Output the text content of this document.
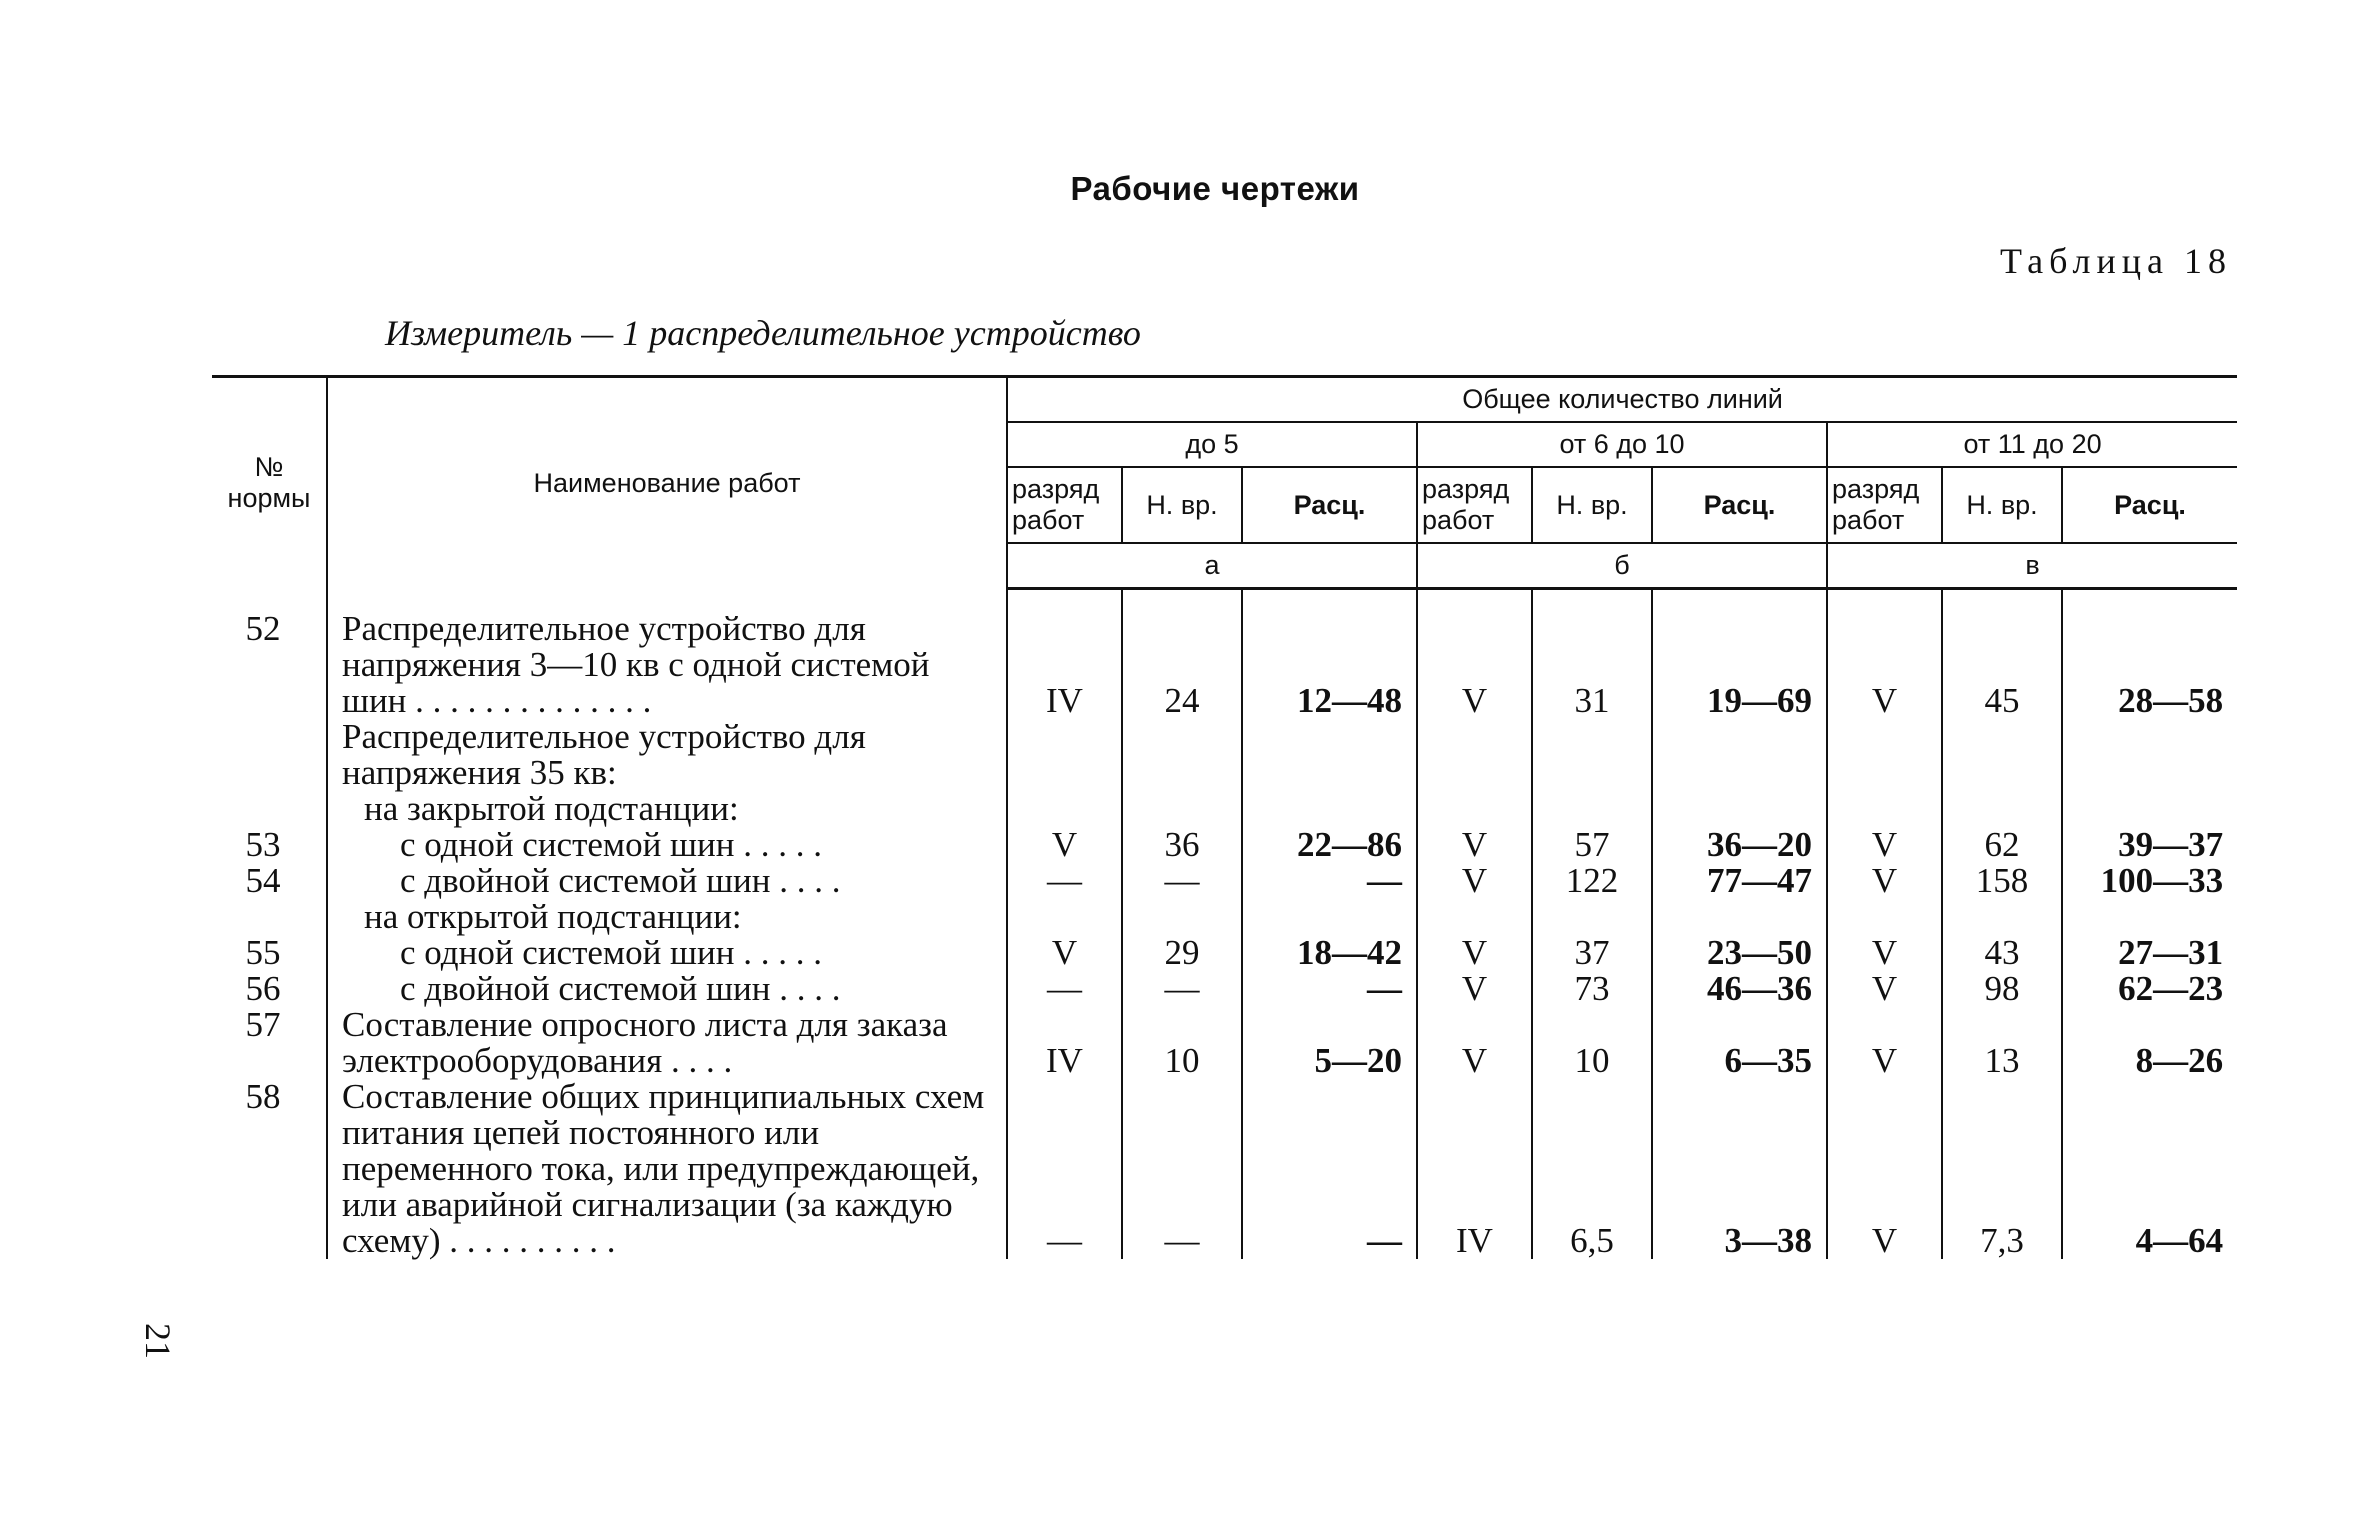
Рабочие чертежи
Таблица 18
Измеритель — 1 распределительное устройство
№ нормы	Наименование работ	Общее количество линий								
		до 5			от 6 до 10			от 11 до 20		
		разряд работ	Н. вр.	Расц.	разряд работ	Н. вр.	Расц.	разряд работ	Н. вр.	Расц.
		а			б			в		
52	Распределительное устройство для напряжения 3—10 кв с одной системой шин . . . . . . . . . . . . . .	IV	24	12—48	V	31	19—69	V	45	28—58
	Распределительное устройство для напряжения 35 кв:									
	на закрытой подстанции:									
53	с одной системой шин . . . . .	V	36	22—86	V	57	36—20	V	62	39—37
54	с двойной системой шин . . . .	—	—	—	V	122	77—47	V	158	100—33
	на открытой подстанции:									
55	с одной системой шин . . . . .	V	29	18—42	V	37	23—50	V	43	27—31
56	с двойной системой шин . . . .	—	—	—	V	73	46—36	V	98	62—23
57	Составление опросного листа для заказа электрооборудования . . . .	IV	10	5—20	V	10	6—35	V	13	8—26
58	Составление общих принципиальных схем питания цепей постоянного или переменного тока, или предупреждающей, или аварийной сигнализации (за каждую схему) . . . . . . . . . .	—	—	—	IV	6,5	3—38	V	7,3	4—64
21
